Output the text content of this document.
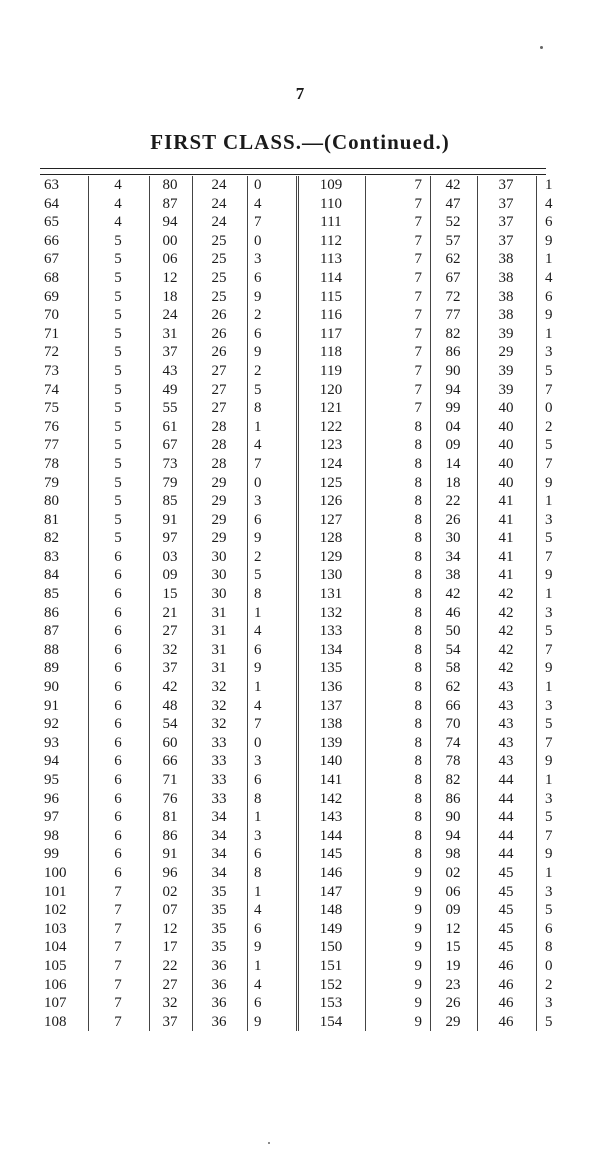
7
FIRST CLASS.—(Continued.)
63	4	80	24	0	109	7	42	37	1
64	4	87	24	4	110	7	47	37	4
65	4	94	24	7	111	7	52	37	6
66	5	00	25	0	112	7	57	37	9
67	5	06	25	3	113	7	62	38	1
68	5	12	25	6	114	7	67	38	4
69	5	18	25	9	115	7	72	38	6
70	5	24	26	2	116	7	77	38	9
71	5	31	26	6	117	7	82	39	1
72	5	37	26	9	118	7	86	29	3
73	5	43	27	2	119	7	90	39	5
74	5	49	27	5	120	7	94	39	7
75	5	55	27	8	121	7	99	40	0
76	5	61	28	1	122	8	04	40	2
77	5	67	28	4	123	8	09	40	5
78	5	73	28	7	124	8	14	40	7
79	5	79	29	0	125	8	18	40	9
80	5	85	29	3	126	8	22	41	1
81	5	91	29	6	127	8	26	41	3
82	5	97	29	9	128	8	30	41	5
83	6	03	30	2	129	8	34	41	7
84	6	09	30	5	130	8	38	41	9
85	6	15	30	8	131	8	42	42	1
86	6	21	31	1	132	8	46	42	3
87	6	27	31	4	133	8	50	42	5
88	6	32	31	6	134	8	54	42	7
89	6	37	31	9	135	8	58	42	9
90	6	42	32	1	136	8	62	43	1
91	6	48	32	4	137	8	66	43	3
92	6	54	32	7	138	8	70	43	5
93	6	60	33	0	139	8	74	43	7
94	6	66	33	3	140	8	78	43	9
95	6	71	33	6	141	8	82	44	1
96	6	76	33	8	142	8	86	44	3
97	6	81	34	1	143	8	90	44	5
98	6	86	34	3	144	8	94	44	7
99	6	91	34	6	145	8	98	44	9
100	6	96	34	8	146	9	02	45	1
101	7	02	35	1	147	9	06	45	3
102	7	07	35	4	148	9	09	45	5
103	7	12	35	6	149	9	12	45	6
104	7	17	35	9	150	9	15	45	8
105	7	22	36	1	151	9	19	46	0
106	7	27	36	4	152	9	23	46	2
107	7	32	36	6	153	9	26	46	3
108	7	37	36	9	154	9	29	46	5
